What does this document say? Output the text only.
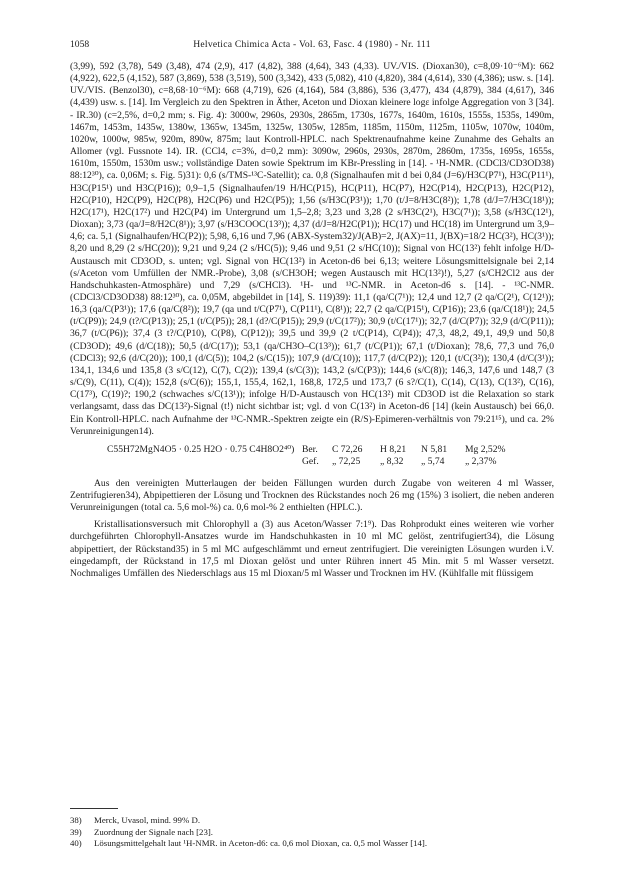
1058	Helvetica Chimica Acta - Vol. 63, Fasc. 4 (1980) - Nr. 111

(3,99), 592 (3,78), 549 (3,48), 474 (2,9), 417 (4,82), 388 (4,64), 343 (4,33). UV./VIS. (Dioxan30), c=8,09·10⁻⁶M): 662 (4,922), 622,5 (4,152), 587 (3,869), 538 (3,519), 500 (3,342), 433 (5,082), 410 (4,820), 384 (4,614), 330 (4,386); usw. s. [14]. UV./VIS. (Benzol30), c=8,68·10⁻⁶M): 668 (4,719), 626 (4,164), 584 (3,886), 536 (3,477), 434 (4,879), 384 (4,617), 346 (4,439) usw. s. [14]. Im Vergleich zu den Spektren in Äther, Aceton und Dioxan kleinere logε infolge Aggregation von 3 [34]. - IR.30) (c=2,5%, d=0,2 mm; s. Fig. 4): 3000w, 2960s, 2930s, 2865m, 1730s, 1677s, 1640m, 1610s, 1555s, 1535s, 1490m, 1467m, 1453m, 1435w, 1380w, 1365w, 1345m, 1325w, 1305w, 1285m, 1185m, 1150m, 1125m, 1105w, 1070w, 1040m, 1020w, 1000w, 985w, 920m, 890w, 875m; laut Kontroll-HPLC. nach Spektrenaufnahme keine Zunahme des Gehalts an Allomer (vgl. Fussnote 14). IR. (CCl4, c=3%, d=0,2 mm): 3090w, 2960s, 2930s, 2870m, 2860m, 1735s, 1695s, 1655s, 1610m, 1550m, 1530m usw.; vollständige Daten sowie Spektrum im KBr-Pressling in [14]. - ¹H-NMR. (CDCl3/CD3OD38) 88:12³⁰), ca. 0,06M; s. Fig. 5)31): 0,6 (s/TMS-¹³C-Satellit); ca. 0,8 (Signalhaufen mit d bei 0,84 (J=6)/H3C(P7¹), H3C(P11¹), H3C(P15¹) und H3C(P16)); 0,9–1,5 (Signalhaufen/19 H/HC(P15), HC(P11), HC(P7), H2C(P14), H2C(P13), H2C(P12), H2C(P10), H2C(P9), H2C(P8), H2C(P6) und H2C(P5)); 1,56 (s/H3C(P3¹)); 1,70 (t/J=8/H3C(8²)); 1,78 (d/J=7/H3C(18¹)); H2C(17¹), H2C(17²) und H2C(P4) im Untergrund um 1,5–2,8; 3,23 und 3,28 (2 s/H3C(2¹), H3C(7¹)); 3,58 (s/H3C(12¹), Dioxan); 3,73 (qa/J=8/H2C(8¹)); 3,97 (s/H3COOC(13³)); 4,37 (d/J=8/H2C(P1)); HC(17) und HC(18) im Untergrund um 3,9–4,6; ca. 5,1 (Signalhaufen/HC(P2)); 5,98, 6,16 und 7,96 (ABX-System32)/J(AB)=2, J(AX)=11, J(BX)=18/2 HC(3²), HC(3¹)); 8,20 und 8,29 (2 s/HC(20)); 9,21 und 9,24 (2 s/HC(5)); 9,46 und 9,51 (2 s/HC(10)); Signal von HC(13²) fehlt infolge H/D-Austausch mit CD3OD, s. unten; vgl. Signal von HC(13²) in Aceton-d6 bei 6,13; weitere Lösungsmittelsignale bei 2,14 (s/Aceton vom Umfüllen der NMR.-Probe), 3,08 (s/CH3OH; wegen Austausch mit HC(13²)!), 5,27 (s/CH2Cl2 aus der Handschuhkasten-Atmosphäre) und 7,29 (s/CHCl3). ¹H- und ¹³C-NMR. in Aceton-d6 s. [14]. - ¹³C-NMR. (CDCl3/CD3OD38) 88:12³⁰), ca. 0,05M, abgebildet in [14], S. 119)39): 11,1 (qa/C(7¹)); 12,4 und 12,7 (2 qa/C(2¹), C(12¹)); 16,3 (qa/C(P3¹)); 17,6 (qa/C(8²)); 19,7 (qa und t/C(P7¹), C(P11¹), C(8¹)); 22,7 (2 qa/C(P15¹), C(P16)); 23,6 (qa/C(18¹)); 24,5 (t/C(P9)); 24,9 (t?/C(P13)); 25,1 (t/C(P5)); 28,1 (d?/C(P15)); 29,9 (t/C(17²)); 30,9 (t/C(17¹)); 32,7 (d/C(P7)); 32,9 (d/C(P11)); 36,7 (t/C(P6)); 37,4 (3 t?/C(P10), C(P8), C(P12)); 39,5 und 39,9 (2 t/C(P14), C(P4)); 47,3, 48,2, 49,1, 49,9 und 50,8 (CD3OD); 49,6 (d/C(18)); 50,5 (d/C(17)); 53,1 (qa/CH3O–C(13³)); 61,7 (t/C(P1)); 67,1 (t/Dioxan); 78,6, 77,3 und 76,0 (CDCl3); 92,6 (d/C(20)); 100,1 (d/C(5)); 104,2 (s/C(15)); 107,9 (d/C(10)); 117,7 (d/C(P2)); 120,1 (t/C(3²)); 130,4 (d/C(3¹)); 134,1, 134,6 und 135,8 (3 s/C(12), C(7), C(2)); 139,4 (s/C(3)); 143,2 (s/C(P3)); 144,6 (s/C(8)); 146,3, 147,6 und 148,7 (3 s/C(9), C(11), C(4)); 152,8 (s/C(6)); 155,1, 155,4, 162,1, 168,8, 172,5 und 173,7 (6 s?/C(1), C(14), C(13), C(13²), C(16), C(17³), C(19)?; 190,2 (schwaches s/C(13¹)); infolge H/D-Austausch von HC(13²) mit CD3OD ist die Relaxation so stark verlangsamt, dass das DC(13²)-Signal (t!) nicht sichtbar ist; vgl. d von C(13²) in Aceton-d6 [14] (kein Austausch) bei 66,0. Ein Kontroll-HPLC. nach Aufnahme der ¹³C-NMR.-Spektren zeigte ein (R/S)-Epimeren-verhältnis von 79:21¹⁵), und ca. 2% Verunreinigungen14).

C55H72MgN4O5 · 0.25 H2O · 0.75 C4H8O2⁴⁰) Ber. C 72,26 H 8,21 N 5,81 Mg 2,52%
Gef. „ 72,25 „ 8,32 „ 5,74 „ 2,37%

Aus den vereinigten Mutterlaugen der beiden Fällungen wurden durch Zugabe von weiteren 4 ml Wasser, Zentrifugieren34), Abpipettieren der Lösung und Trocknen des Rückstandes noch 26 mg (15%) 3 isoliert, die neben anderen Verunreinigungen (total ca. 5,6 mol-%) ca. 0,6 mol-% 2 enthielten (HPLC.).

Kristallisationsversuch mit Chlorophyll a (3) aus Aceton/Wasser 7:1⁹). Das Rohprodukt eines weiteren wie vorher durchgeführten Chlorophyll-Ansatzes wurde im Handschuhkasten in 10 ml MC gelöst, zentrifugiert34), die Lösung abpipettiert, der Rückstand35) in 5 ml MC aufgeschlämmt und erneut zentrifugiert. Die vereinigten Lösungen wurden i.V. eingedampft, der Rückstand in 17,5 ml Dioxan gelöst und unter Rühren innert 45 Min. mit 5 ml Wasser versetzt. Nochmaliges Umfällen des Niederschlags aus 15 ml Dioxan/5 ml Wasser und Trocknen im HV. (Kühlfalle mit flüssigem

38)	Merck, Uvasol, mind. 99% D.
39)	Zuordnung der Signale nach [23].
40)	Lösungsmittelgehalt laut ¹H-NMR. in Aceton-d6: ca. 0,6 mol Dioxan, ca. 0,5 mol Wasser [14].
